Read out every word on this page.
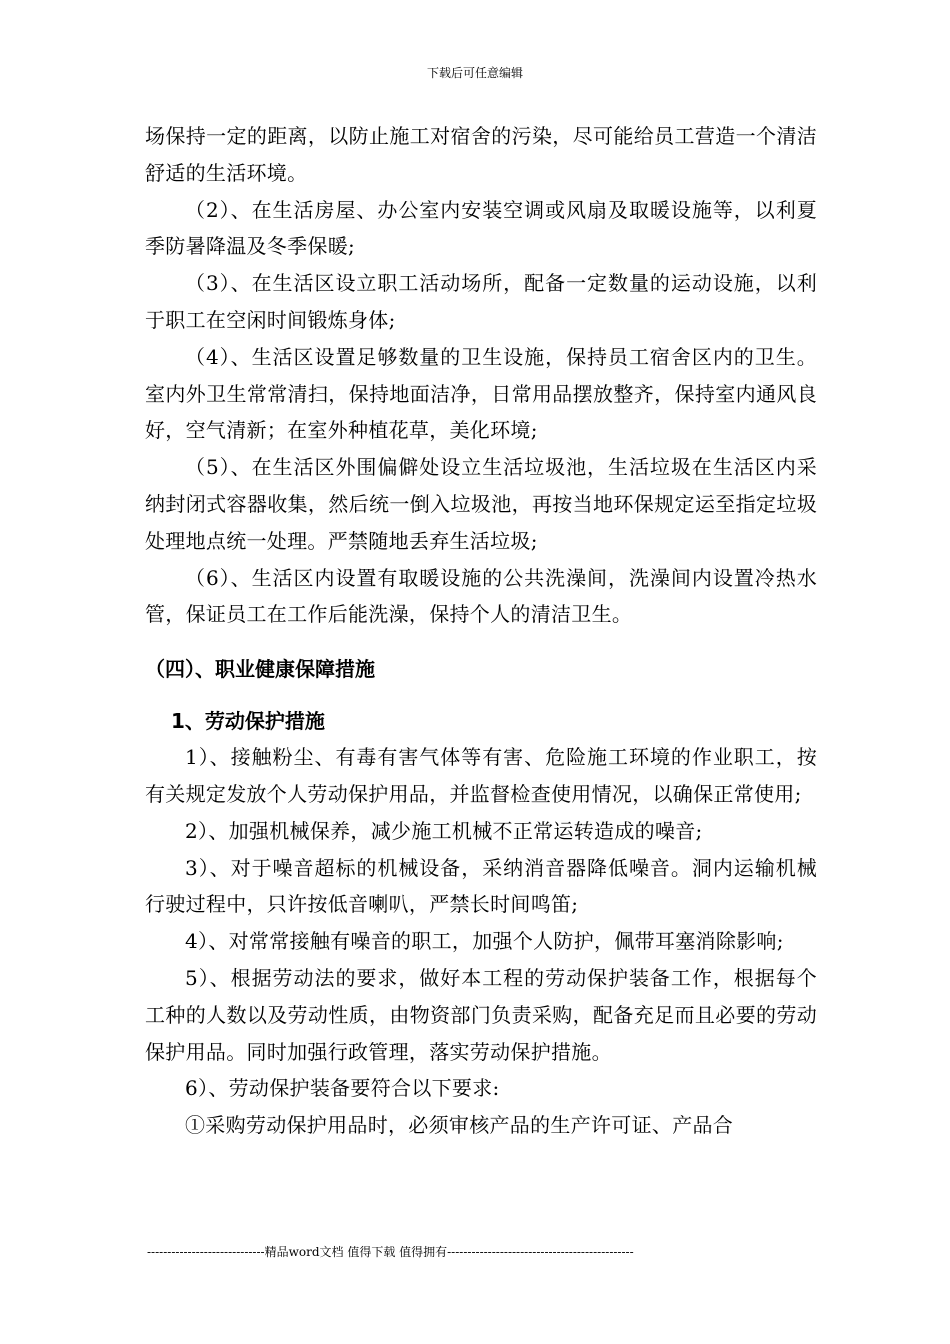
下载后可任意编辑

场保持一定的距离，以防止施工对宿舍的污染，尽可能给员工营造一个清洁舒适的生活环境。

（2）、在生活房屋、办公室内安装空调或风扇及取暖设施等，以利夏季防暑降温及冬季保暖;

（3）、在生活区设立职工活动场所，配备一定数量的运动设施，以利于职工在空闲时间锻炼身体;

（4）、生活区设置足够数量的卫生设施，保持员工宿舍区内的卫生。室内外卫生常常清扫，保持地面洁净，日常用品摆放整齐，保持室内通风良好，空气清新；在室外种植花草，美化环境;

（5）、在生活区外围偏僻处设立生活垃圾池，生活垃圾在生活区内采纳封闭式容器收集，然后统一倒入垃圾池，再按当地环保规定运至指定垃圾处理地点统一处理。严禁随地丢弃生活垃圾;

（6）、生活区内设置有取暖设施的公共洗澡间，洗澡间内设置冷热水管，保证员工在工作后能洗澡，保持个人的清洁卫生。

（四）、职业健康保障措施
1、劳动保护措施

1）、接触粉尘、有毒有害气体等有害、危险施工环境的作业职工，按有关规定发放个人劳动保护用品，并监督检查使用情况，以确保正常使用;

2）、加强机械保养，减少施工机械不正常运转造成的噪音;

3）、对于噪音超标的机械设备，采纳消音器降低噪音。洞内运输机械行驶过程中，只许按低音喇叭，严禁长时间鸣笛;

4）、对常常接触有噪音的职工，加强个人防护，佩带耳塞消除影响;

5）、根据劳动法的要求，做好本工程的劳动保护装备工作，根据每个工种的人数以及劳动性质，由物资部门负责采购，配备充足而且必要的劳动保护用品。同时加强行政管理，落实劳动保护措施。

6）、劳动保护装备要符合以下要求:

①采购劳动保护用品时，必须审核产品的生产许可证、产品合

-----------------------------精品word文档 值得下载 值得拥有----------------------------------------------
